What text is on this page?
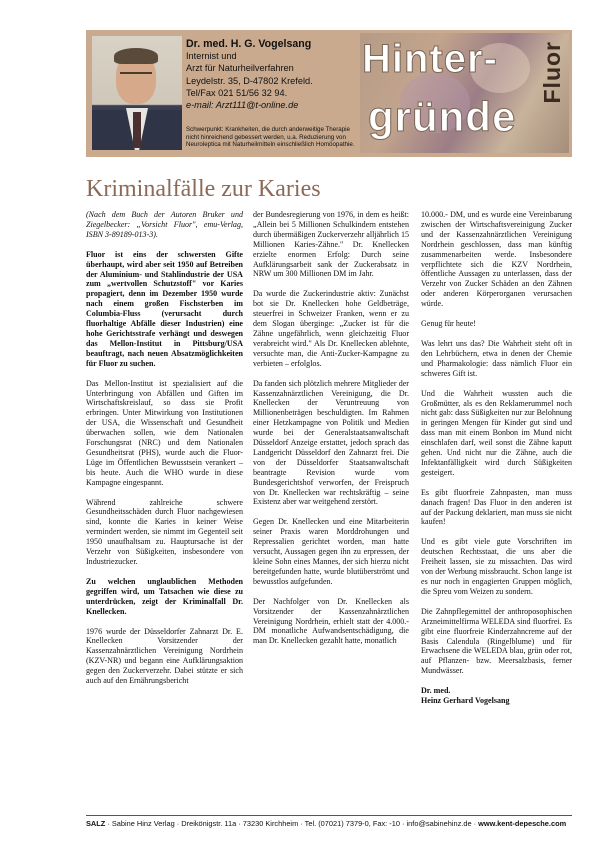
Dr. med. H. G. Vogelsang
Internist und
Arzt für Naturheilverfahren
Leydelstr. 35, D-47802 Krefeld.
Tel/Fax 021 51/56 32 94.
e-mail: Arzt111@t-online.de
Schwerpunkt: Krankheiten, die durch anderweitige Therapie nicht hinreichend gebessert werden, u.a. Reduzierung von Neuroleptica mit Naturheilmitteln einschließlich Homöopathie.
Hinter-
gründe
Fluor
Kriminalfälle zur Karies

(Nach dem Buch der Autoren Bruker und Ziegelbecker: „Vorsicht Fluor", emu-Verlag, ISBN 3-89189-013-3).

Fluor ist eins der schwersten Gifte überhaupt, wird aber seit 1950 auf Betreiben der Aluminium- und Stahlindustrie der USA zum „wertvollen Schutzstoff" vor Karies propagiert, denn im Dezember 1950 wurde nach einem großen Fischsterben im Columbia-Fluss (verursacht durch fluorhaltige Abfälle dieser Industrien) eine hohe Gerichtsstrafe verhängt und deswegen das Mellon-Institut in Pittsburg/USA beauftragt, nach neuen Absatzmöglichkeiten für Fluor zu suchen.

Das Mellon-Institut ist spezialisiert auf die Unterbringung von Abfällen und Giften im Wirtschaftskreislauf, so dass sie Profit erbringen. Unter Mitwirkung von Institutionen der USA, die Wissenschaft und Gesundheit überwachen sollen, wie dem Nationalen Forschungsrat (NRC) und dem Nationalen Gesundheitsrat (PHS), wurde auch die Fluor-Lüge im Öffentlichen Bewusstsein verankert – bis heute. Auch die WHO wurde in diese Kampagne eingespannt.

Während zahlreiche schwere Gesundheitsschäden durch Fluor nachgewiesen sind, konnte die Karies in keiner Weise vermindert werden, sie nimmt im Gegenteil seit 1950 unaufhaltsam zu. Hauptursache ist der Verzehr von Süßigkeiten, insbesondere von Industriezucker.

Zu welchen unglaublichen Methoden gegriffen wird, um Tatsachen wie diese zu unterdrücken, zeigt der Kriminalfall Dr. Knellecken.

1976 wurde der Düsseldorfer Zahnarzt Dr. E. Knellecken Vorsitzender der Kassenzahnärztlichen Vereinigung Nordrhein (KZV-NR) und begann eine Aufklärungsaktion gegen den Zuckerverzehr. Dabei stützte er sich auch auf den Ernährungsbericht

der Bundesregierung von 1976, in dem es heißt: „Allein bei 5 Millionen Schulkindern entstehen durch übermäßigen Zuckerverzehr alljährlich 15 Millionen Karies-Zähne." Dr. Knellecken erzielte enormen Erfolg: Durch seine Aufklärungsarbeit sank der Zuckerabsatz in NRW um 300 Millionen DM im Jahr.

Da wurde die Zuckerindustrie aktiv: Zunächst bot sie Dr. Knellecken hohe Geldbeträge, steuerfrei in Schweizer Franken, wenn er zu dem Slogan überginge: „Zucker ist für die Zähne ungefährlich, wenn gleichzeitig Fluor verabreicht wird." Als Dr. Knellecken ablehnte, versuchte man, die Anti-Zucker-Kampagne zu verbieten – erfolglos.

Da fanden sich plötzlich mehrere Mitglieder der Kassenzahnärztlichen Vereinigung, die Dr. Knellecken der Veruntreuung von Millionenbeträgen beschuldigten. Im Rahmen einer Hetzkampagne von Politik und Medien wurde bei der Generalstaatsanwaltschaft Düsseldorf Anzeige erstattet, jedoch sprach das Landgericht Düsseldorf den Zahnarzt frei. Die von der Düsseldorfer Staatsanwaltschaft beantragte Revision wurde vom Bundesgerichtshof verworfen, der Freispruch von Dr. Knellecken war rechtskräftig – seine Existenz aber war weitgehend zerstört.

Gegen Dr. Knellecken und eine Mitarbeiterin seiner Praxis waren Morddrohungen und Repressalien gerichtet worden, man hatte versucht, Aussagen gegen ihn zu erpressen, der kleine Sohn eines Mannes, der sich hierzu nicht bereitgefunden hatte, wurde blutüberströmt und bewusstlos aufgefunden.

Der Nachfolger von Dr. Knellecken als Vorsitzender der Kassenzahnärztlichen Vereinigung Nordrhein, erhielt statt der 4.000.- DM monatliche Aufwandsentschädigung, die man Dr. Knellecken gezahlt hatte, monatlich

10.000.- DM, und es wurde eine Vereinbarung zwischen der Wirtschaftsvereinigung Zucker und der Kassenzahnärztlichen Vereinigung Nordrhein geschlossen, dass man künftig zusammenarbeiten werde. Insbesondere verpflichtete sich die KZV Nordrhein, öffentliche Aussagen zu unterlassen, dass der Verzehr von Zucker Schäden an den Zähnen oder anderen Körperorganen verursachen würde.

Genug für heute!

Was lehrt uns das? Die Wahrheit steht oft in den Lehrbüchern, etwa in denen der Chemie und Pharmakologie: dass nämlich Fluor ein schweres Gift ist.

Und die Wahrheit wussten auch die Großmütter, als es den Reklamerummel noch nicht gab: dass Süßigkeiten nur zur Belohnung in geringen Mengen für Kinder gut sind und dass man mit einem Bonbon im Mund nicht einschlafen darf, weil sonst die Zähne kaputt gehen. Und nicht nur die Zähne, auch die Infektanfälligkeit wird durch Süßigkeiten gesteigert.

Es gibt fluorfreie Zahnpasten, man muss danach fragen! Das Fluor in den anderen ist auf der Packung deklariert, man muss sie nicht kaufen!

Und es gibt viele gute Vorschriften im deutschen Rechtsstaat, die uns aber die Freiheit lassen, sie zu missachten. Das wird von der Werbung missbraucht. Schon lange ist es nur noch in engagierten Gruppen möglich, die Spreu vom Weizen zu sondern.

Die Zahnpflegemittel der anthroposophischen Arzneimittelfirma WELEDA sind fluorfrei. Es gibt eine fluorfreie Kinderzahncreme auf der Basis Calendula (Ringelblume) und für Erwachsene die WELEDA blau, grün oder rot, auf Pflanzen- bzw. Meersalzbasis, ferner Mundwässer.

Dr. med.
Heinz Gerhard Vogelsang
SALZ · Sabine Hinz Verlag · Dreikönigstr. 11a · 73230 Kirchheim · Tel. (07021) 7379-0, Fax: -10 · info@sabinehinz.de · www.kent-depesche.com
